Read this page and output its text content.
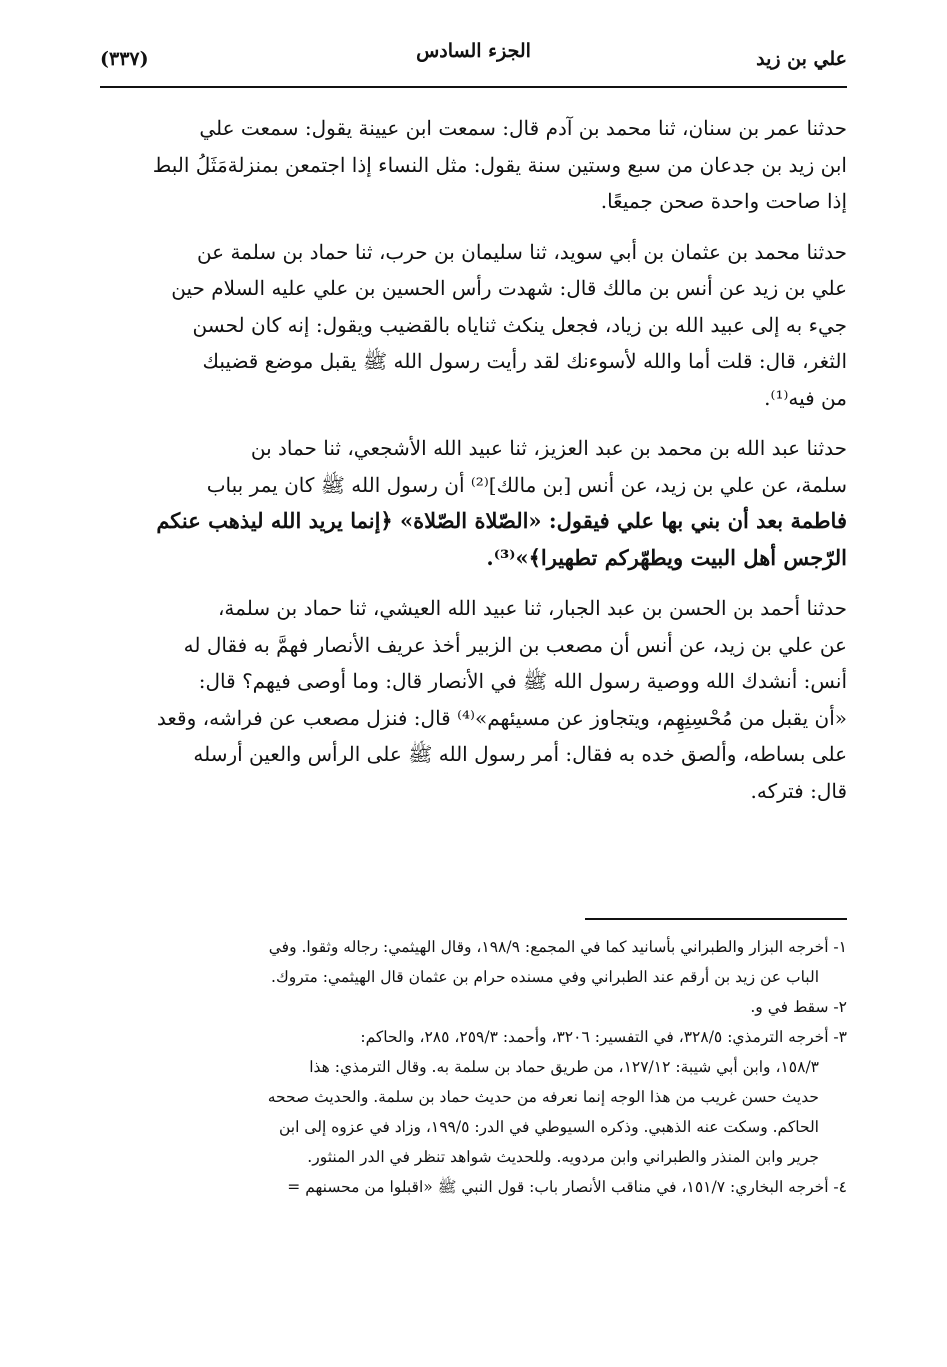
علي بن زيد
الجزء السادس
(٣٣٧)
حدثنا عمر بن سنان، ثنا محمد بن آدم قال: سمعت ابن عيينة يقول: سمعت علي
ابن زيد بن جدعان من سبع وستين سنة يقول: مثل النساء إذا اجتمعن بمنزلةمَثَلُ البط
إذا صاحت واحدة صحن جميعًا.
حدثنا محمد بن عثمان بن أبي سويد، ثنا سليمان بن حرب، ثنا حماد بن سلمة عن
علي بن زيد عن أنس بن مالك قال: شهدت رأس الحسين بن علي عليه السلام حين
جيء به إلى عبيد الله بن زياد، فجعل ينكث ثناياه بالقضيب ويقول: إنه كان لحسن
الثغر، قال: قلت أما والله لأسوءنك لقد رأيت رسول الله ﷺ يقبل موضع قضيبك
من فيه⁽¹⁾.
حدثنا عبد الله بن محمد بن عبد العزيز، ثنا عبيد الله الأشجعي، ثنا حماد بن
سلمة، عن علي بن زيد، عن أنس [بن مالك]⁽²⁾ أن رسول الله ﷺ كان يمر بباب
فاطمة بعد أن بني بها علي فيقول: «الصّلاة الصّلاة» ﴿إنما يريد الله ليذهب عنكم
الرّجس أهل البيت ويطهّركم تطهيرا﴾»⁽³⁾.
حدثنا أحمد بن الحسن بن عبد الجبار، ثنا عبيد الله العيشي، ثنا حماد بن سلمة،
عن علي بن زيد، عن أنس أن مصعب بن الزبير أخذ عريف الأنصار فهمَّ به فقال له
أنس: أنشدك الله ووصية رسول الله ﷺ في الأنصار قال: وما أوصى فيهم؟ قال:
«أن يقبل من مُحْسِنِهِم، ويتجاوز عن مسيئهم»⁽⁴⁾ قال: فنزل مصعب عن فراشه، وقعد
على بساطه، وألصق خده به فقال: أمر رسول الله ﷺ على الرأس والعين أرسله
قال: فتركه.
١- أخرجه البزار والطبراني بأسانيد كما في المجمع: ١٩٨/٩، وقال الهيثمي: رجاله وثقوا. وفي
الباب عن زيد بن أرقم عند الطبراني وفي مسنده حرام بن عثمان قال الهيثمي: متروك.
٢- سقط في و.
٣- أخرجه الترمذي: ٣٢٨/٥، في التفسير: ٣٢٠٦، وأحمد: ٢٥٩/٣، ٢٨٥، والحاكم:
١٥٨/٣، وابن أبي شيبة: ١٢٧/١٢، من طريق حماد بن سلمة به. وقال الترمذي: هذا
حديث حسن غريب من هذا الوجه إنما نعرفه من حديث حماد بن سلمة. والحديث صححه
الحاكم. وسكت عنه الذهبي. وذكره السيوطي في الدر: ١٩٩/٥، وزاد في عزوه إلى ابن
جرير وابن المنذر والطبراني وابن مردويه. وللحديث شواهد تنظر في الدر المنثور.
٤- أخرجه البخاري: ١٥١/٧، في مناقب الأنصار باب: قول النبي ﷺ «اقبلوا من محسنهم =
